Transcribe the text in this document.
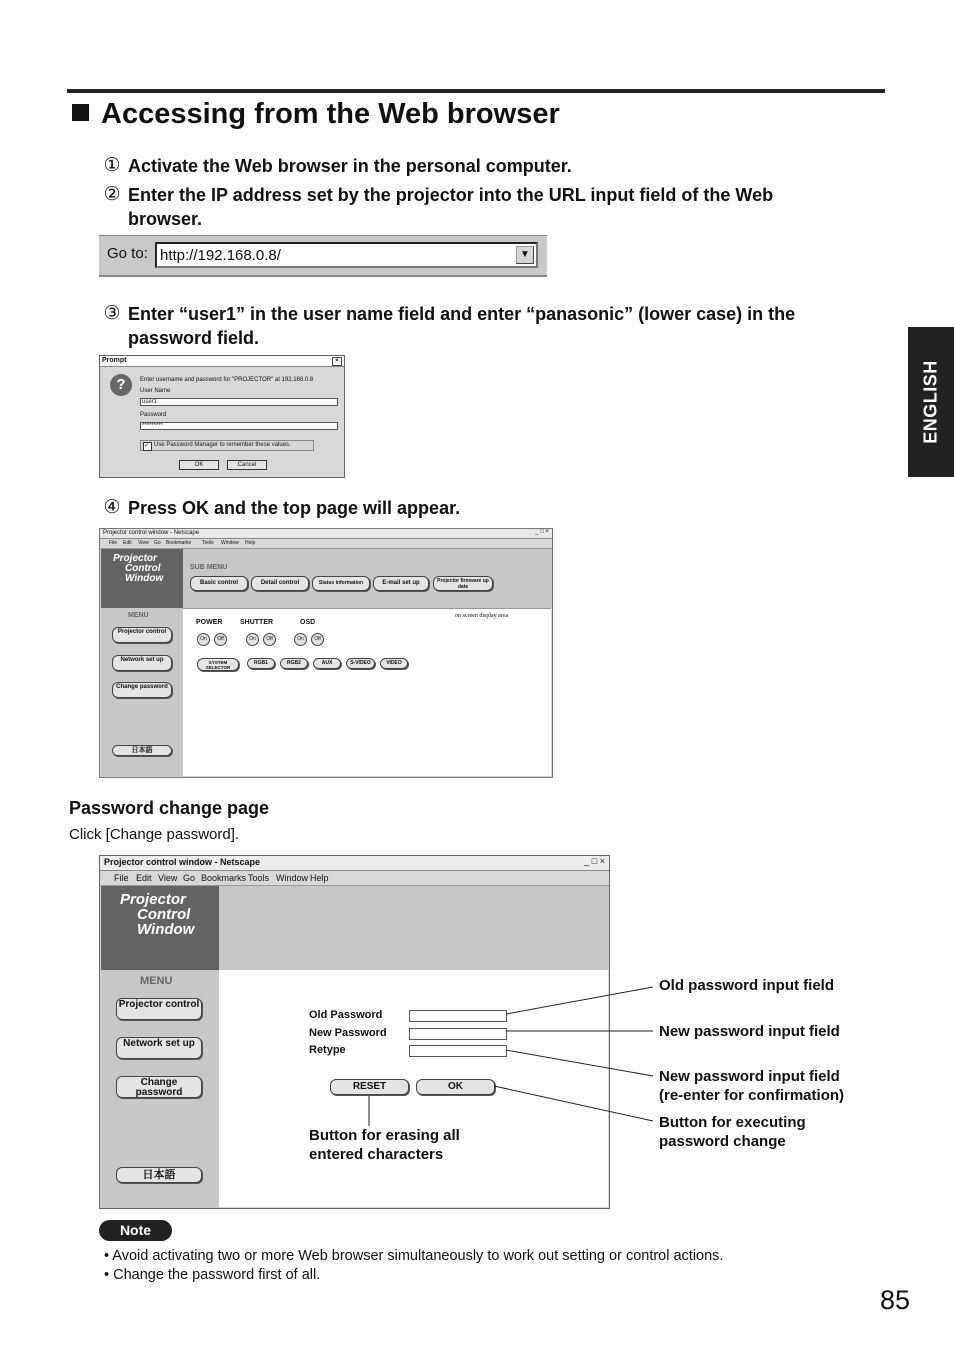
Accessing from the Web browser
① Activate the Web browser in the personal computer.
② Enter the IP address set by the projector into the URL input field of the Web browser.
Go to: http://192.168.0.8/	▼
③ Enter “user1” in the user name field and enter “panasonic” (lower case) in the password field.
Prompt	×
?	Enter username and password for "PROJECTOR" at 192.168.0.8
User Name
user1
Password
*********
✓ Use Password Manager to remember these values.
OK	Cancel
④ Press OK and the top page will appear.
Projector control window - Netscape	_ □ ×
File Edit View Go Bookmarks Tools Window Help
Projector
Control
Window
SUB MENU
Basic control	Detail control	Status information	E-mail set up	Projector firmware up date
MENU
Projector control
Network set up
Change password
日本語
POWER	SHUTTER	OSD
on screen display area
On	Off	On	Off	On	Off
SYSTEM SELECTOR
RGB1	RGB2	AUX	S-VIDEO	VIDEO
Password change page
Click [Change password].
Projector control window - Netscape	_ □ ×
File Edit View Go Bookmarks Tools Window Help
Projector
Control
Window
MENU
Projector control
Network set up
Change password
日本語
Old Password
New Password
Retype
RESET	OK
Old password input field
New password input field
New password input field
(re-enter for confirmation)
Button for executing
password change
Button for erasing all
entered characters
Note
• Avoid activating two or more Web browser simultaneously to work out setting or control actions.
• Change the password first of all.
ENGLISH
85
